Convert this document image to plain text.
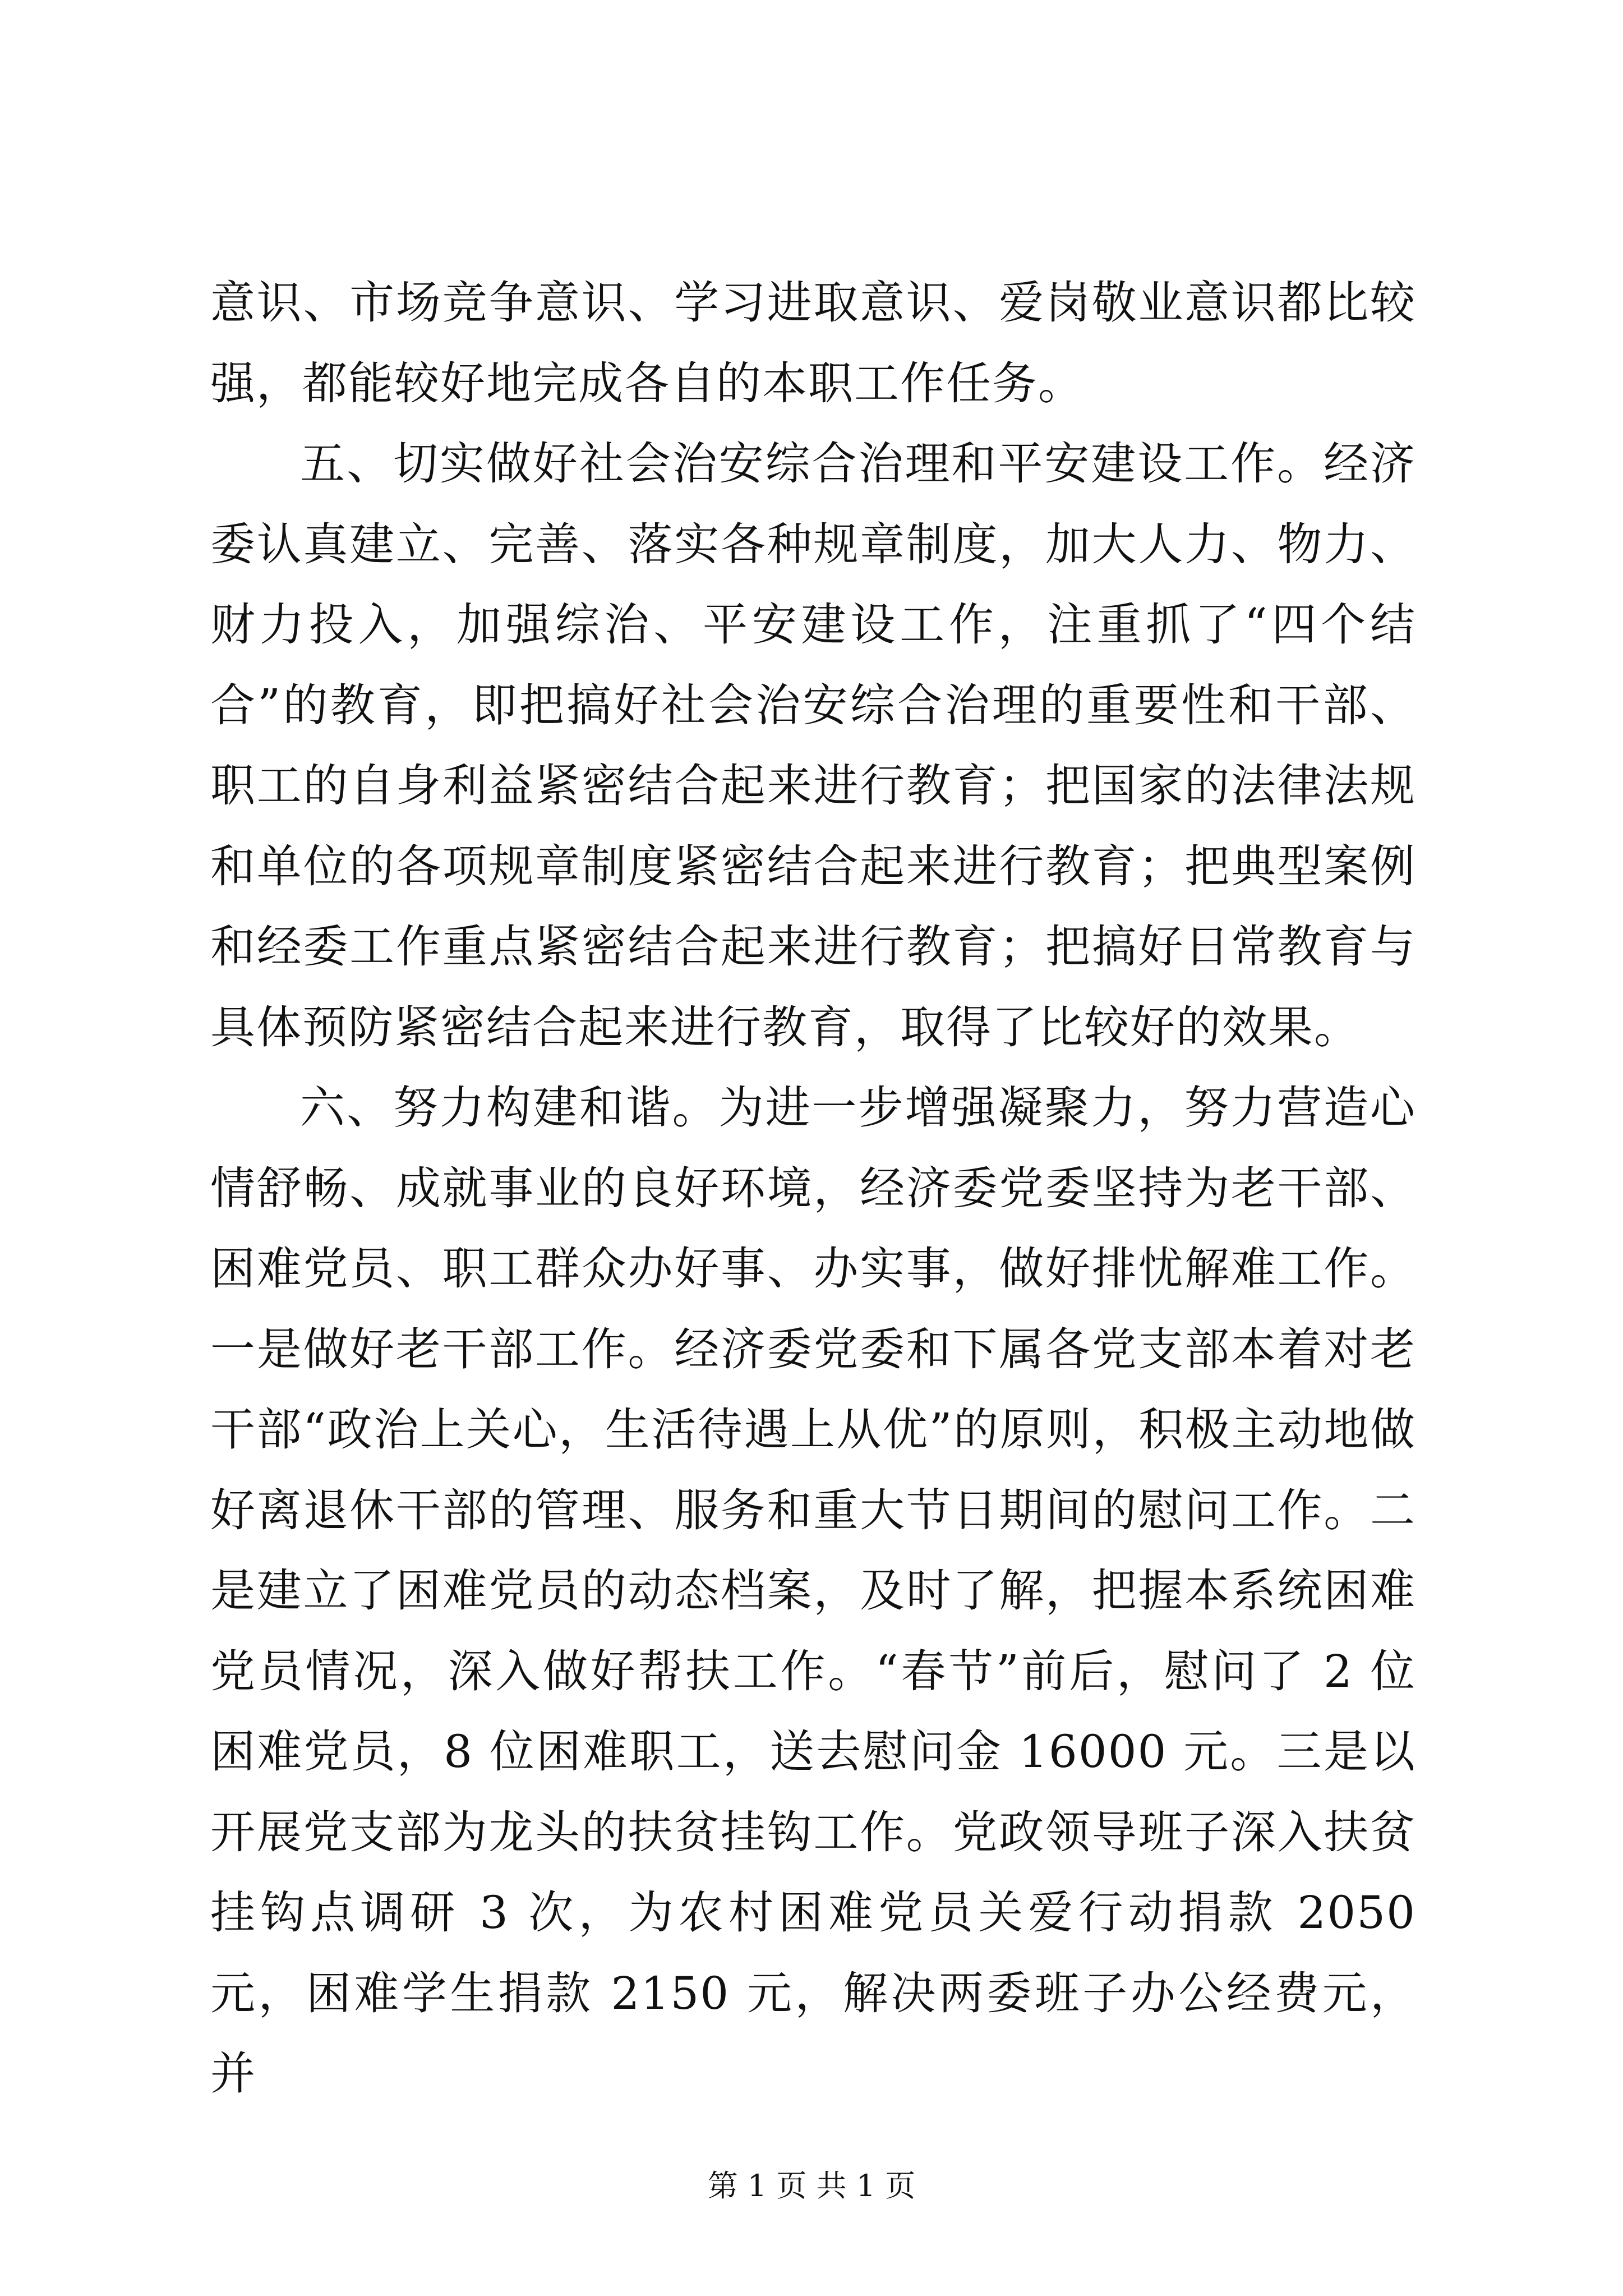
意识、市场竞争意识、学习进取意识、爱岗敬业意识都比较强，都能较好地完成各自的本职工作任务。

五、切实做好社会治安综合治理和平安建设工作。经济委认真建立、完善、落实各种规章制度，加大人力、物力、财力投入，加强综治、平安建设工作，注重抓了“四个结合”的教育，即把搞好社会治安综合治理的重要性和干部、职工的自身利益紧密结合起来进行教育；把国家的法律法规和单位的各项规章制度紧密结合起来进行教育；把典型案例和经委工作重点紧密结合起来进行教育；把搞好日常教育与具体预防紧密结合起来进行教育，取得了比较好的效果。

六、努力构建和谐。为进一步增强凝聚力，努力营造心情舒畅、成就事业的良好环境，经济委党委坚持为老干部、困难党员、职工群众办好事、办实事，做好排忧解难工作。一是做好老干部工作。经济委党委和下属各党支部本着对老干部“政治上关心，生活待遇上从优”的原则，积极主动地做好离退休干部的管理、服务和重大节日期间的慰问工作。二是建立了困难党员的动态档案，及时了解，把握本系统困难党员情况，深入做好帮扶工作。“春节”前后，慰问了 2 位困难党员，8 位困难职工，送去慰问金 16000 元。三是以开展党支部为龙头的扶贫挂钩工作。党政领导班子深入扶贫挂钩点调研 3 次，为农村困难党员关爱行动捐款 2050 元，困难学生捐款 2150 元，解决两委班子办公经费元，并

第 1 页 共 1 页
